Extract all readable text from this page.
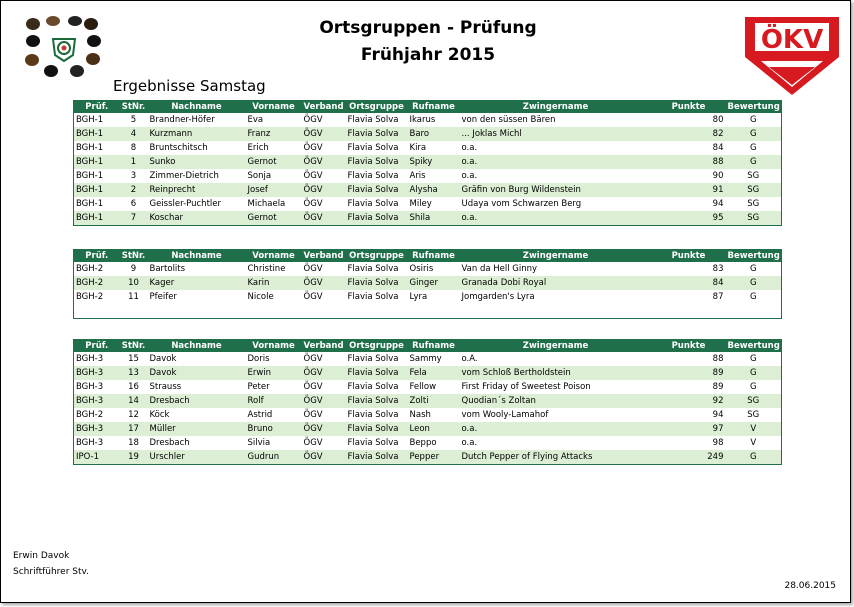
Ortsgruppen - Prüfung
Frühjahr 2015	ÖKV
Ergebnisse Samstag
Prüf.	StNr.	Nachname	Vorname	Verband	Ortsgruppe	Rufname	Zwingername	Punkte	Bewertung
BGH-1	5	Brandner-Höfer	Eva	ÖGV	Flavia Solva	Ikarus	von den süssen Bären	80	G
BGH-1	4	Kurzmann	Franz	ÖGV	Flavia Solva	Baro	... Joklas Michl	82	G
BGH-1	8	Bruntschitsch	Erich	ÖGV	Flavia Solva	Kira	o.a.	84	G
BGH-1	1	Sunko	Gernot	ÖGV	Flavia Solva	Spiky	o.a.	88	G
BGH-1	3	Zimmer-Dietrich	Sonja	ÖGV	Flavia Solva	Aris	o.a.	90	SG
BGH-1	2	Reinprecht	Josef	ÖGV	Flavia Solva	Alysha	Gräfin von Burg Wildenstein	91	SG
BGH-1	6	Geissler-Puchtler	Michaela	ÖGV	Flavia Solva	Miley	Udaya vom Schwarzen Berg	94	SG
BGH-1	7	Koschar	Gernot	ÖGV	Flavia Solva	Shila	o.a.	95	SG
Prüf.	StNr.	Nachname	Vorname	Verband	Ortsgruppe	Rufname	Zwingername	Punkte	Bewertung
BGH-2	9	Bartolits	Christine	ÖGV	Flavia Solva	Osiris	Van da Hell Ginny	83	G
BGH-2	10	Kager	Karin	ÖGV	Flavia Solva	Ginger	Granada Dobi Royal	84	G
BGH-2	11	Pfeifer	Nicole	ÖGV	Flavia Solva	Lyra	Jomgarden's Lyra	87	G

Prüf.	StNr.	Nachname	Vorname	Verband	Ortsgruppe	Rufname	Zwingername	Punkte	Bewertung
BGH-3	15	Davok	Doris	ÖGV	Flavia Solva	Sammy	o.A.	88	G
BGH-3	13	Davok	Erwin	ÖGV	Flavia Solva	Fela	vom Schloß Bertholdstein	89	G
BGH-3	16	Strauss	Peter	ÖGV	Flavia Solva	Fellow	First Friday of Sweetest Poison	89	G
BGH-3	14	Dresbach	Rolf	ÖGV	Flavia Solva	Zolti	Quodian´s Zoltan	92	SG
BGH-2	12	Köck	Astrid	ÖGV	Flavia Solva	Nash	vom Wooly-Lamahof	94	SG
BGH-3	17	Müller	Bruno	ÖGV	Flavia Solva	Leon	o.a.	97	V
BGH-3	18	Dresbach	Silvia	ÖGV	Flavia Solva	Beppo	o.a.	98	V
IPO-1	19	Urschler	Gudrun	ÖGV	Flavia Solva	Pepper	Dutch Pepper of Flying Attacks	249	G
Erwin Davok
Schriftführer Stv.
28.06.2015
